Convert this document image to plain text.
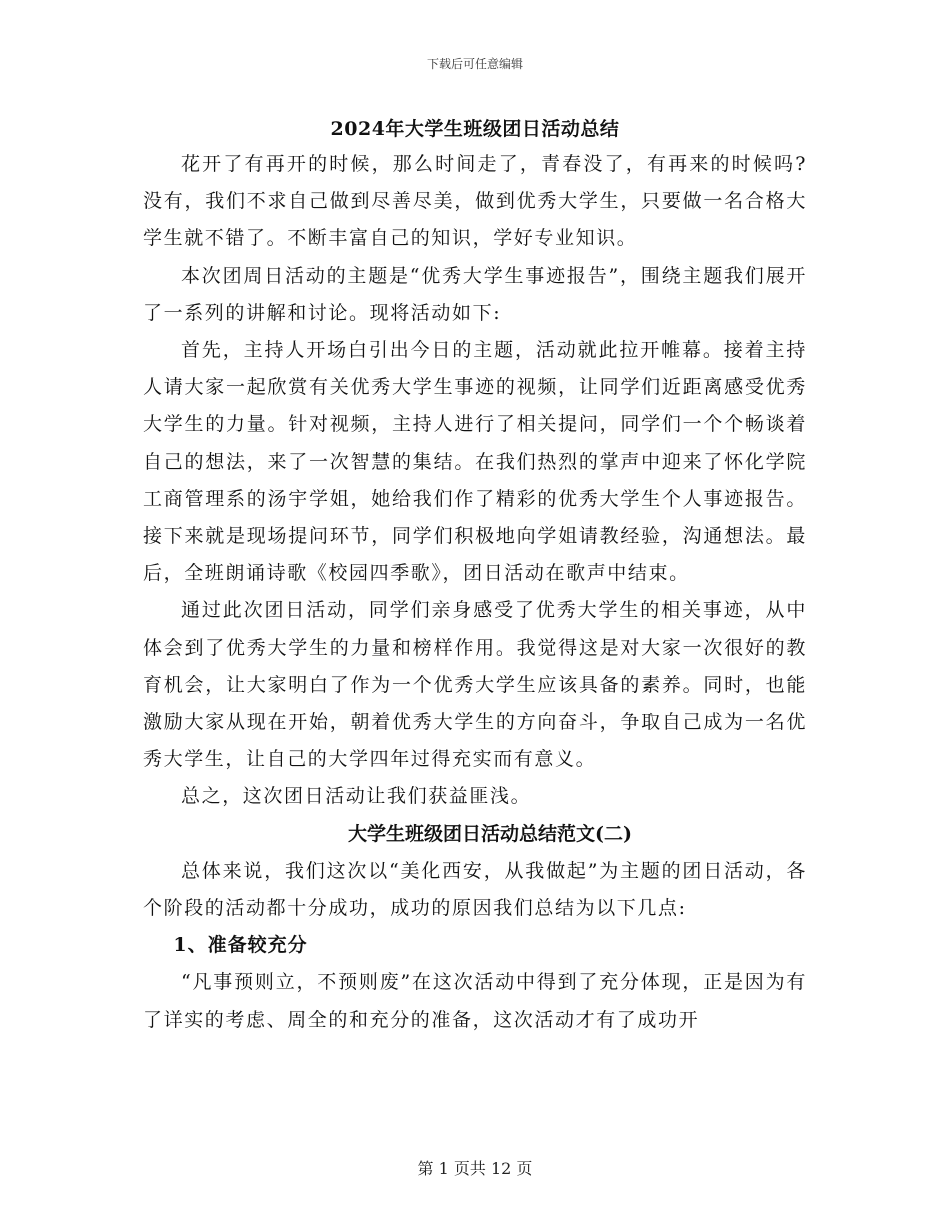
下载后可任意编辑
2024年大学生班级团日活动总结

花开了有再开的时候，那么时间走了，青春没了，有再来的时候吗?没有，我们不求自己做到尽善尽美，做到优秀大学生，只要做一名合格大学生就不错了。不断丰富自己的知识，学好专业知识。

本次团周日活动的主题是“优秀大学生事迹报告”，围绕主题我们展开了一系列的讲解和讨论。现将活动如下:

首先，主持人开场白引出今日的主题，活动就此拉开帷幕。接着主持人请大家一起欣赏有关优秀大学生事迹的视频，让同学们近距离感受优秀大学生的力量。针对视频，主持人进行了相关提问，同学们一个个畅谈着自己的想法，来了一次智慧的集结。在我们热烈的掌声中迎来了怀化学院工商管理系的汤宇学姐，她给我们作了精彩的优秀大学生个人事迹报告。接下来就是现场提问环节，同学们积极地向学姐请教经验，沟通想法。最后，全班朗诵诗歌《校园四季歌》，团日活动在歌声中结束。

通过此次团日活动，同学们亲身感受了优秀大学生的相关事迹，从中体会到了优秀大学生的力量和榜样作用。我觉得这是对大家一次很好的教育机会，让大家明白了作为一个优秀大学生应该具备的素养。同时，也能激励大家从现在开始，朝着优秀大学生的方向奋斗，争取自己成为一名优秀大学生，让自己的大学四年过得充实而有意义。

总之，这次团日活动让我们获益匪浅。

大学生班级团日活动总结范文(二)

总体来说，我们这次以“美化西安，从我做起”为主题的团日活动，各个阶段的活动都十分成功，成功的原因我们总结为以下几点:

1、准备较充分

“凡事预则立，不预则废”在这次活动中得到了充分体现，正是因为有了详实的考虑、周全的和充分的准备，这次活动才有了成功开

第 1 页共 12 页
